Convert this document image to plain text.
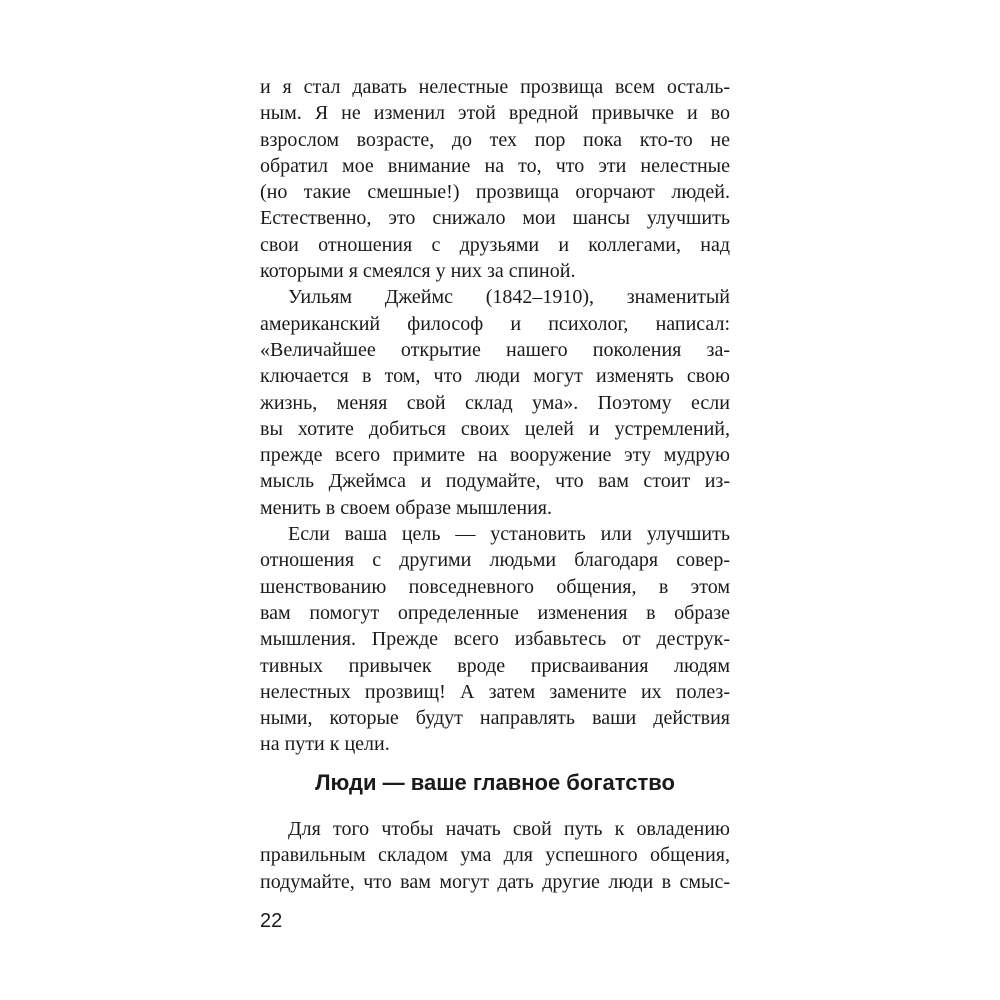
и я стал давать нелестные прозвища всем осталь-
ным. Я не изменил этой вредной привычке и во
взрослом возрасте, до тех пор пока кто-то не
обратил мое внимание на то, что эти нелестные
(но такие смешные!) прозвища огорчают людей.
Естественно, это снижало мои шансы улучшить
свои отношения с друзьями и коллегами, над
которыми я смеялся у них за спиной.
Уильям Джеймс (1842–1910), знаменитый
американский философ и психолог, написал:
«Величайшее открытие нашего поколения за-
ключается в том, что люди могут изменять свою
жизнь, меняя свой склад ума». Поэтому если
вы хотите добиться своих целей и устремлений,
прежде всего примите на вооружение эту мудрую
мысль Джеймса и подумайте, что вам стоит из-
менить в своем образе мышления.
Если ваша цель — установить или улучшить
отношения с другими людьми благодаря совер-
шенствованию повседневного общения, в этом
вам помогут определенные изменения в образе
мышления. Прежде всего избавьтесь от деструк-
тивных привычек вроде присваивания людям
нелестных прозвищ! А затем замените их полез-
ными, которые будут направлять ваши действия
на пути к цели.
Люди — ваше главное богатство
Для того чтобы начать свой путь к овладению
правильным складом ума для успешного общения,
подумайте, что вам могут дать другие люди в смыс-
22
